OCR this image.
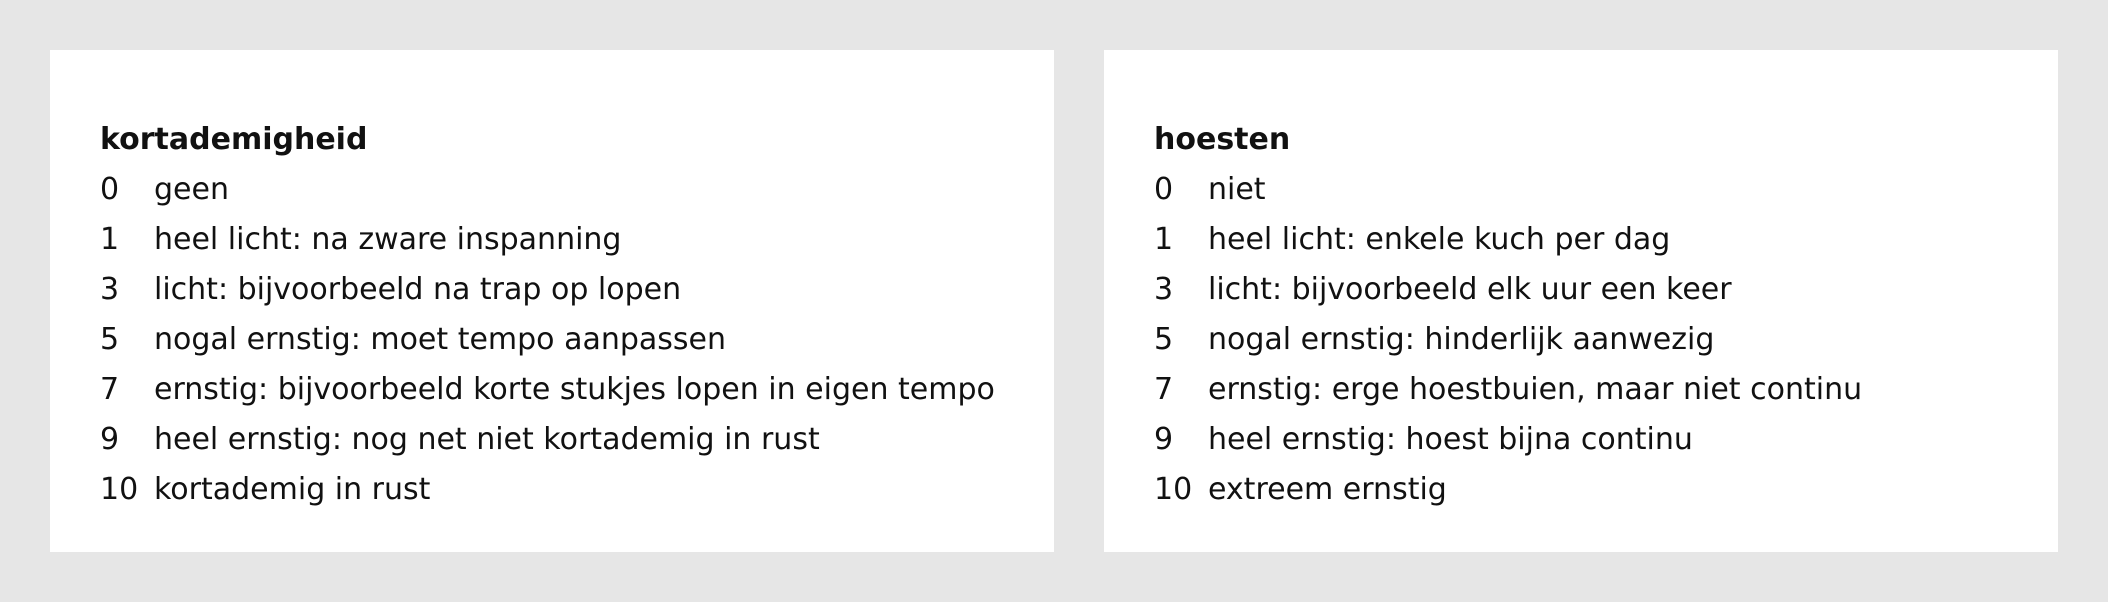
kortademigheid
0	geen
1	heel licht: na zware inspanning
3	licht: bijvoorbeeld na trap op lopen
5	nogal ernstig: moet tempo aanpassen
7	ernstig: bijvoorbeeld korte stukjes lopen in eigen tempo
9	heel ernstig: nog net niet kortademig in rust
10 kortademig in rust
hoesten
0	niet
1	heel licht: enkele kuch per dag
3	licht: bijvoorbeeld elk uur een keer
5	nogal ernstig: hinderlijk aanwezig
7	ernstig: erge hoestbuien, maar niet continu
9	heel ernstig: hoest bijna continu
10 extreem ernstig
